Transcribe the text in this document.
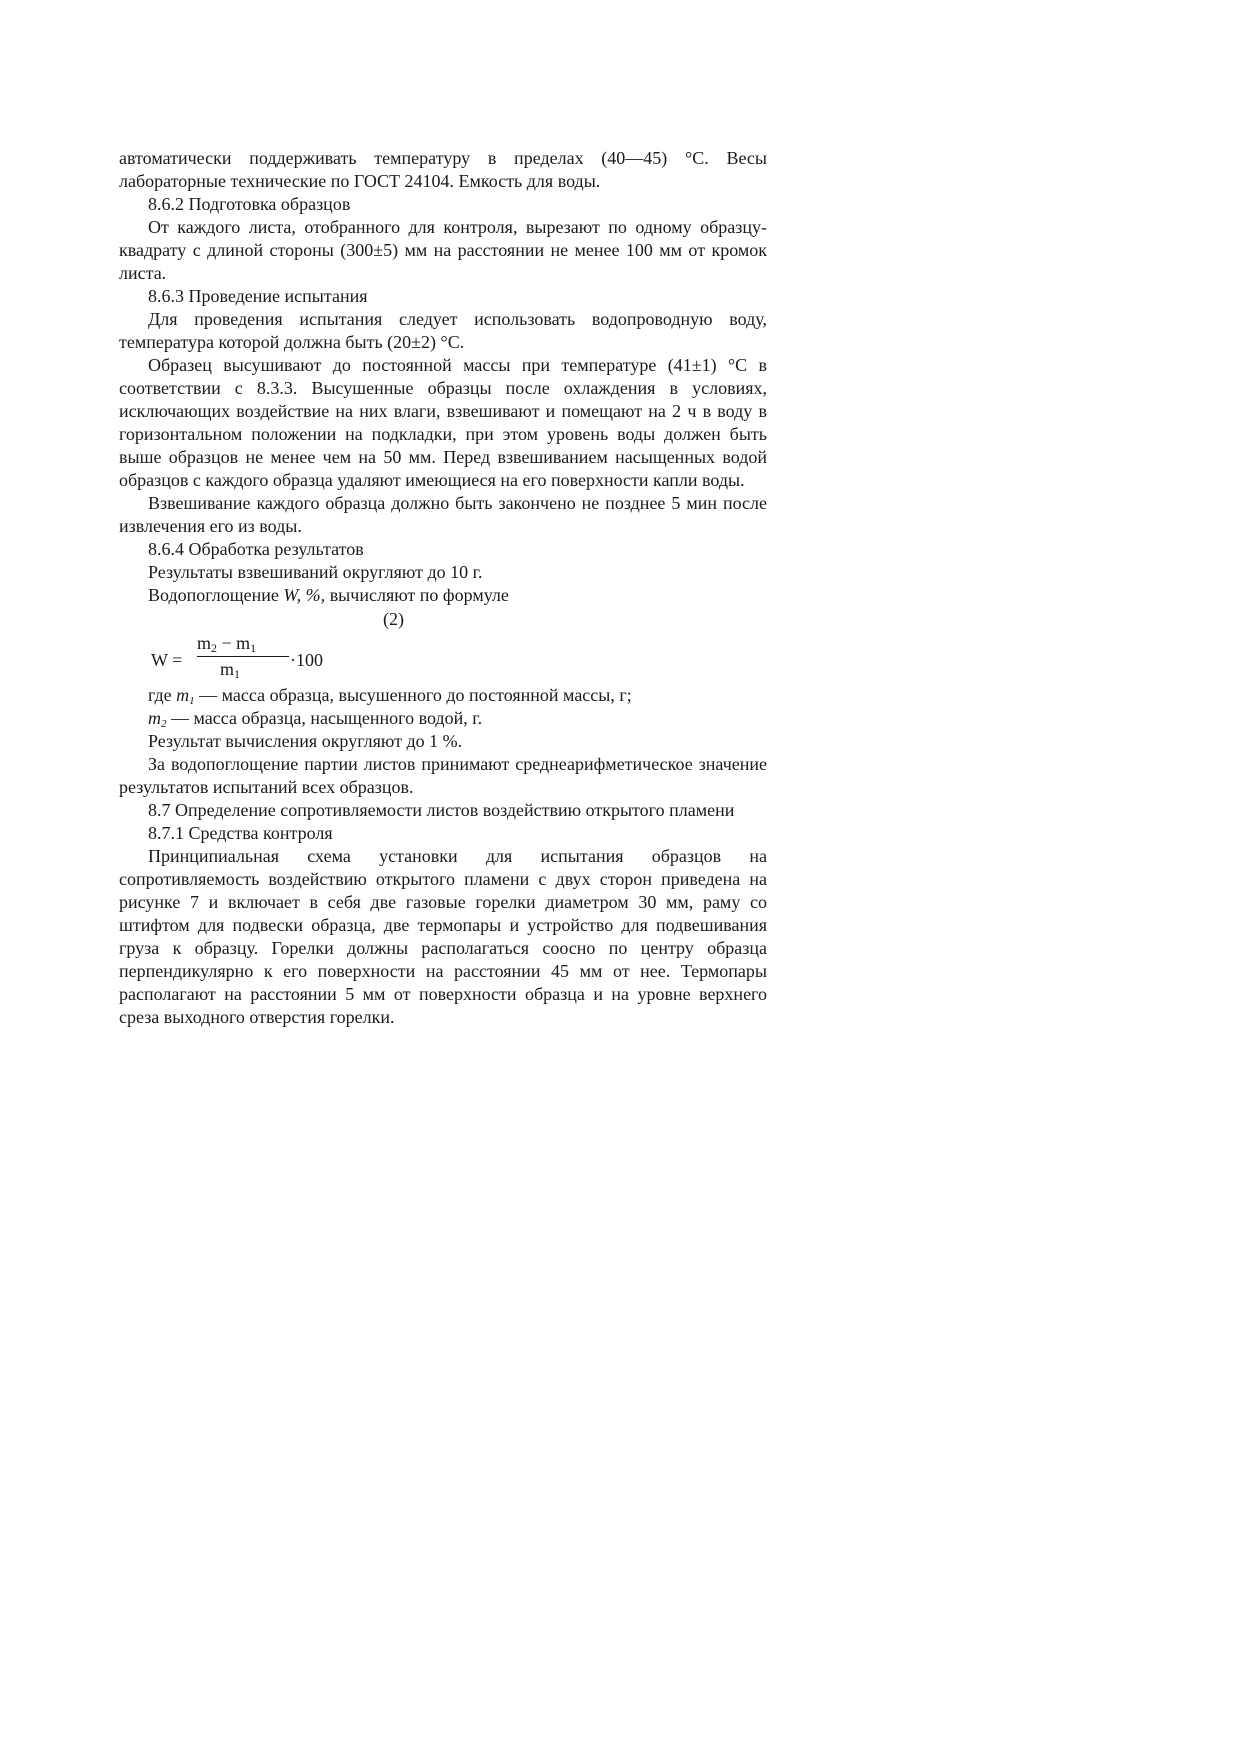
автоматически поддерживать температуру в пределах (40—45) °С. Весы лабораторные технические по ГОСТ 24104. Емкость для воды.

8.6.2 Подготовка образцов

От каждого листа, отобранного для контроля, вырезают по одному образцу-квадрату с длиной стороны (300±5) мм на расстоянии не менее 100 мм от кромок листа.

8.6.3 Проведение испытания

Для проведения испытания следует использовать водопроводную воду, температура которой должна быть (20±2) °С.

Образец высушивают до постоянной массы при температуре (41±1) °С в соответствии с 8.3.3. Высушенные образцы после охлаждения в условиях, исключающих воздействие на них влаги, взвешивают и помещают на 2 ч в воду в горизонтальном положении на подкладки, при этом уровень воды должен быть выше образцов не менее чем на 50 мм. Перед взвешиванием насыщенных водой образцов с каждого образца удаляют имеющиеся на его поверхности капли воды.

Взвешивание каждого образца должно быть закончено не позднее 5 мин после извлечения его из воды.

8.6.4 Обработка результатов

Результаты взвешиваний округляют до 10 г.

Водопоглощение W, %, вычисляют по формуле

(2)

W =
$m_2 - m_1$
$m_1$
·100

где $m_1$ — масса образца, высушенного до постоянной массы, г;

$m_2$ — масса образца, насыщенного водой, г.

Результат вычисления округляют до 1 %.

За водопоглощение партии листов принимают среднеарифметическое значение результатов испытаний всех образцов.

8.7 Определение сопротивляемости листов воздействию открытого пламени

8.7.1 Средства контроля

Принципиальная схема установки для испытания образцов на сопротивляемость воздействию открытого пламени с двух сторон приведена на рисунке 7 и включает в себя две газовые горелки диаметром 30 мм, раму со штифтом для подвески образца, две термопары и устройство для подвешивания груза к образцу. Горелки должны располагаться соосно по центру образца перпендикулярно к его поверхности на расстоянии 45 мм от нее. Термопары располагают на расстоянии 5 мм от поверхности образца и на уровне верхнего среза выходного отверстия горелки.
